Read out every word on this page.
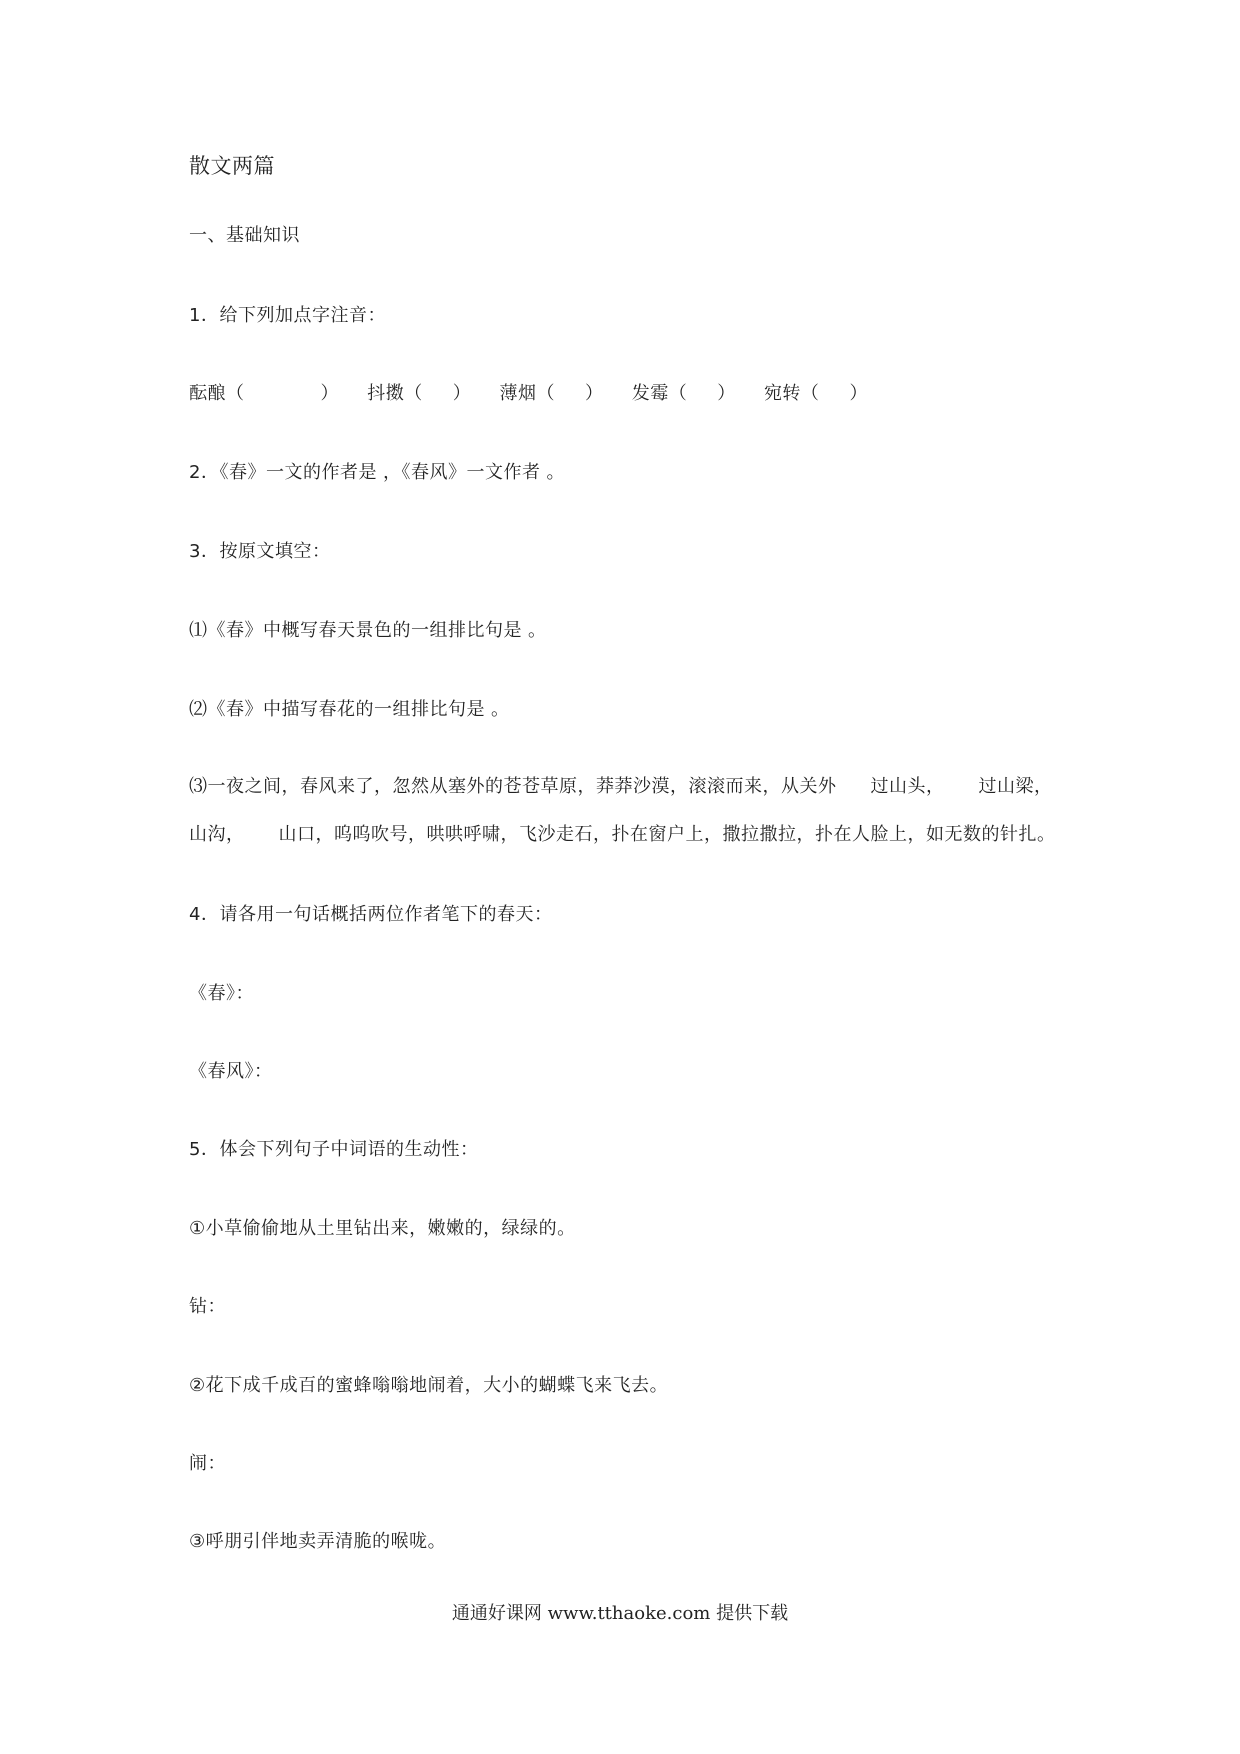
散文两篇
一、基础知识
1．给下列加点字注音：
酝酿（	） 抖擞（ ） 薄烟（ ） 发霉（ ） 宛转（ ）
2．《春》一文的作者是 ，《春风》一文作者 。
3．按原文填空：
⑴《春》中概写春天景色的一组排比句是 。
⑵《春》中描写春花的一组排比句是 。
⑶一夜之间，春风来了，忽然从塞外的苍苍草原，莽莽沙漠，滚滚而来，从关外 过山头， 过山梁，
山沟， 山口，呜呜吹号，哄哄呼啸，飞沙走石，扑在窗户上，撒拉撒拉，扑在人脸上，如无数的针扎。
4．请各用一句话概括两位作者笔下的春天：
《春》：
《春风》：
5．体会下列句子中词语的生动性：
①小草偷偷地从土里钻出来，嫩嫩的，绿绿的。
钻：
②花下成千成百的蜜蜂嗡嗡地闹着，大小的蝴蝶飞来飞去。
闹：
③呼朋引伴地卖弄清脆的喉咙。
通通好课网 www.tthaoke.com 提供下载
